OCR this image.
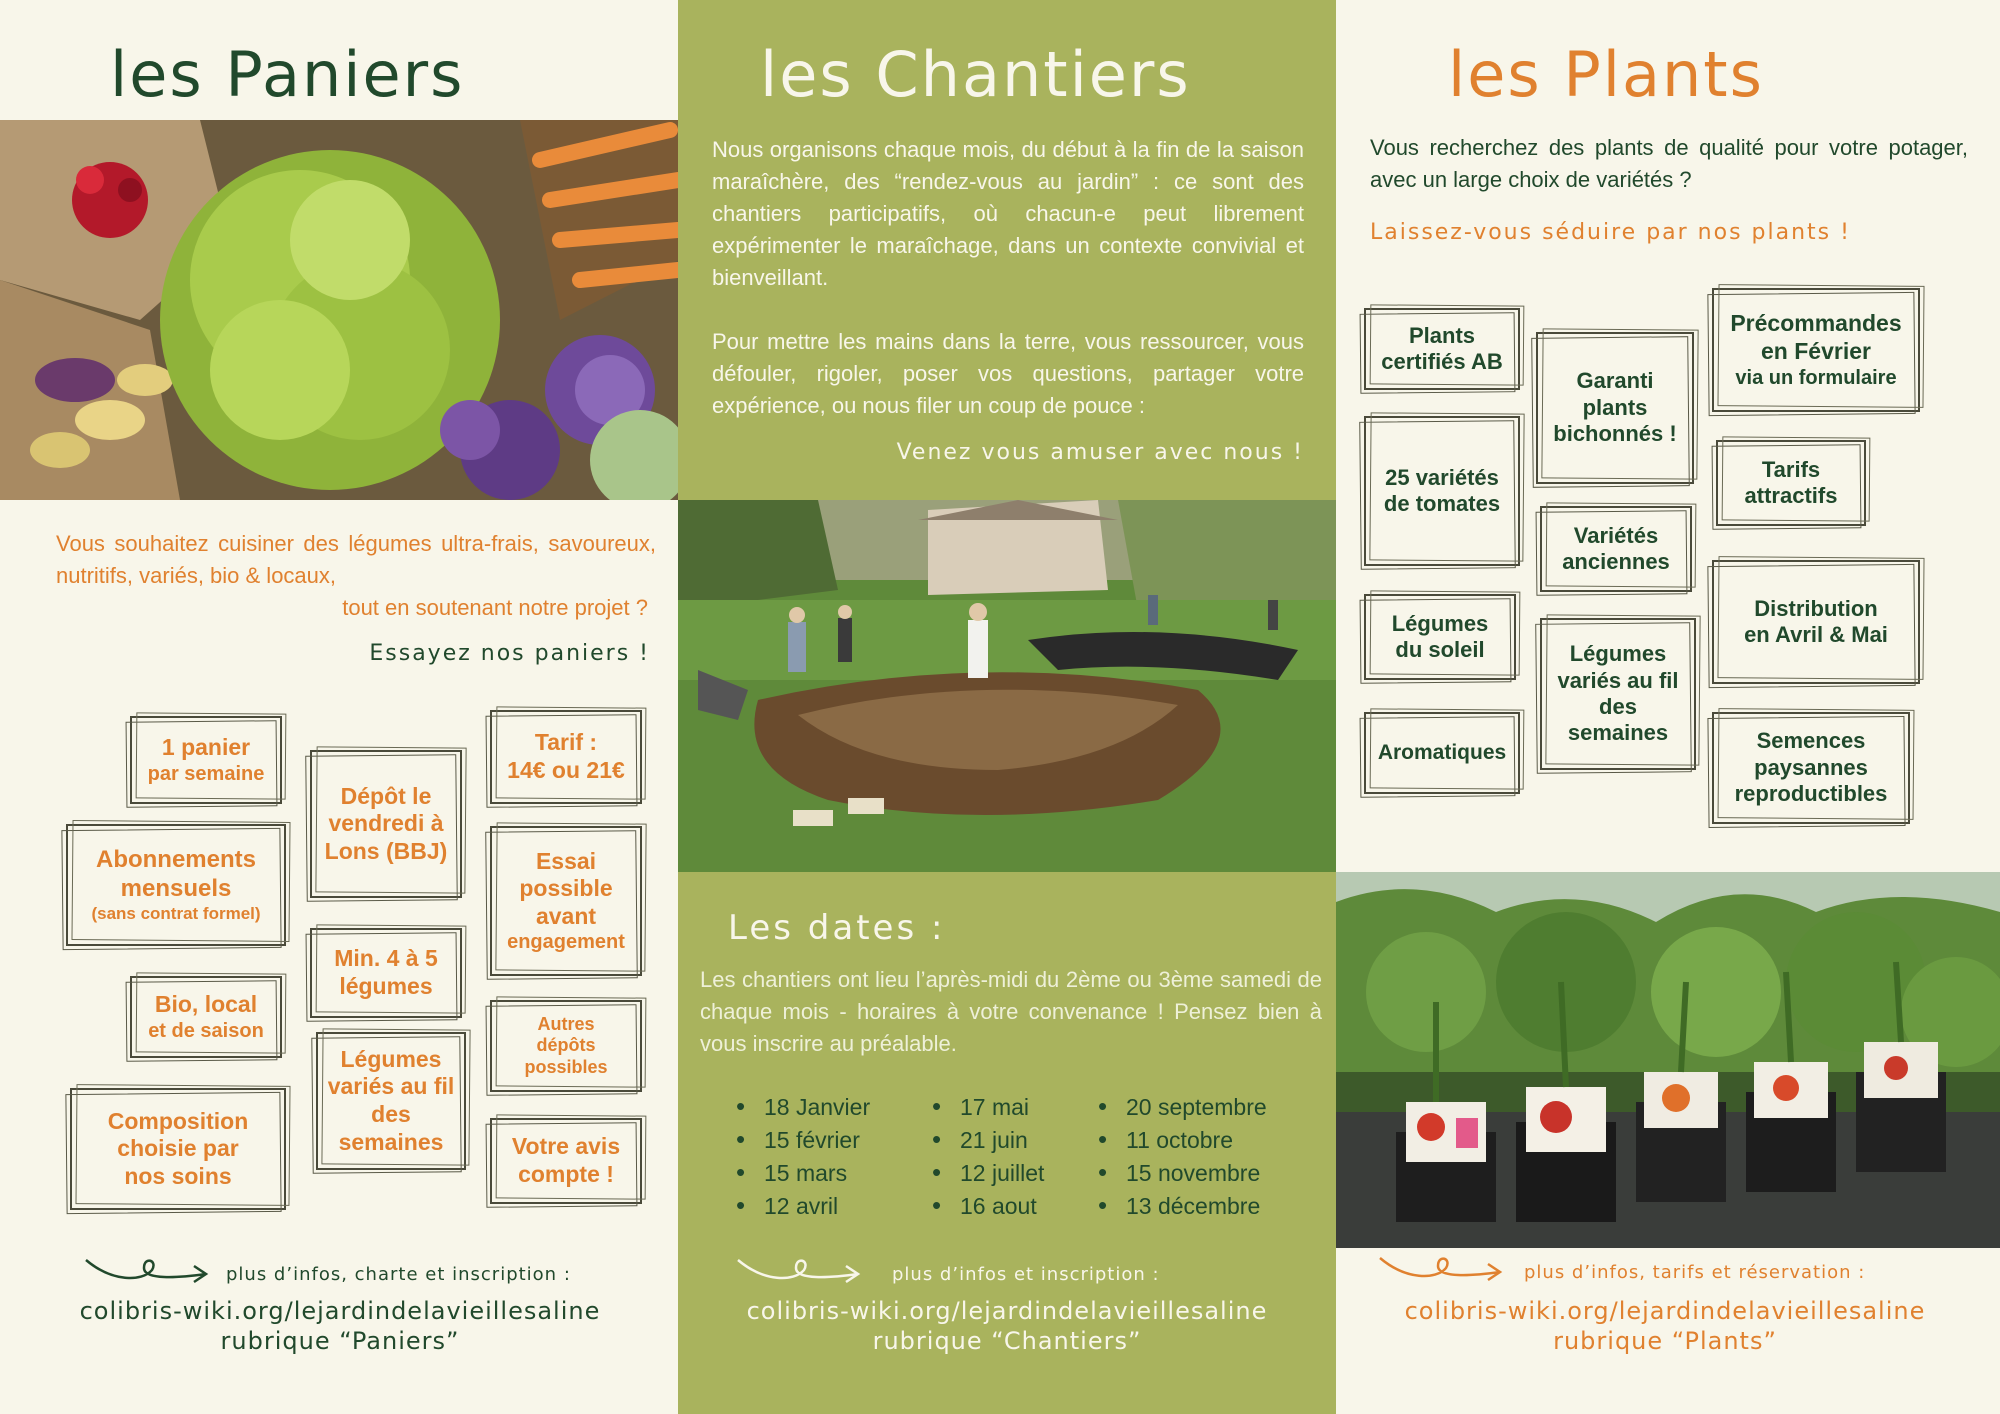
les Paniers

Vous souhaitez cuisiner des légumes ultra-frais, savoureux, nutritifs, variés, bio & locaux,

tout en soutenant notre projet ?

Essayez nos paniers !

1 panier
par semaine
Dépôt le vendredi à Lons (BBJ)
Tarif :
14€ ou 21€
Abonnements mensuels
(sans contrat formel)
Essai possible avant
engagement
Min. 4 à 5 légumes
Bio, local
et de saison	Autres dépôts possibles
Légumes variés au fil des semaines
Composition choisie par nos soins
Votre avis compte !

plus d’infos, charte et inscription :

colibris-wiki.org/lejardindelavieillesaline
rubrique “Paniers”
les Chantiers

Nous organisons chaque mois, du début à la fin de la saison maraîchère, des “rendez-vous au jardin” : ce sont des chantiers participatifs, où chacun-e peut librement expérimenter le maraîchage, dans un contexte convivial et bienveillant.

Pour mettre les mains dans la terre, vous ressourcer, vous défouler, rigoler, poser vos questions, partager votre expérience, ou nous filer un coup de pouce :

Venez vous amuser avec nous !

Les dates :

Les chantiers ont lieu l’après-midi du 2ème ou 3ème samedi de chaque mois - horaires à votre convenance ! Pensez bien à vous inscrire au préalable.

• 18 Janvier
• 15 février
• 15 mars
• 12 avril
• 17 mai
• 21 juin
• 12 juillet
• 16 aout
• 20 septembre
• 11 octobre
• 15 novembre
• 13 décembre

plus d’infos et inscription :

colibris-wiki.org/lejardindelavieillesaline
rubrique “Chantiers”
les Plants

Vous recherchez des plants de qualité pour votre potager, avec un large choix de variétés ?

Laissez-vous séduire par nos plants !

Plants certifiés AB
Garanti plants bichonnés !
Précommandes en Février
via un formulaire
25 variétés de tomates
Tarifs attractifs
Variétés anciennes
Distribution en Avril & Mai
Légumes du soleil	Légumes variés au fil des semaines
Aromatiques	Semences paysannes reproductibles

plus d’infos, tarifs et réservation :

colibris-wiki.org/lejardindelavieillesaline
rubrique “Plants”
